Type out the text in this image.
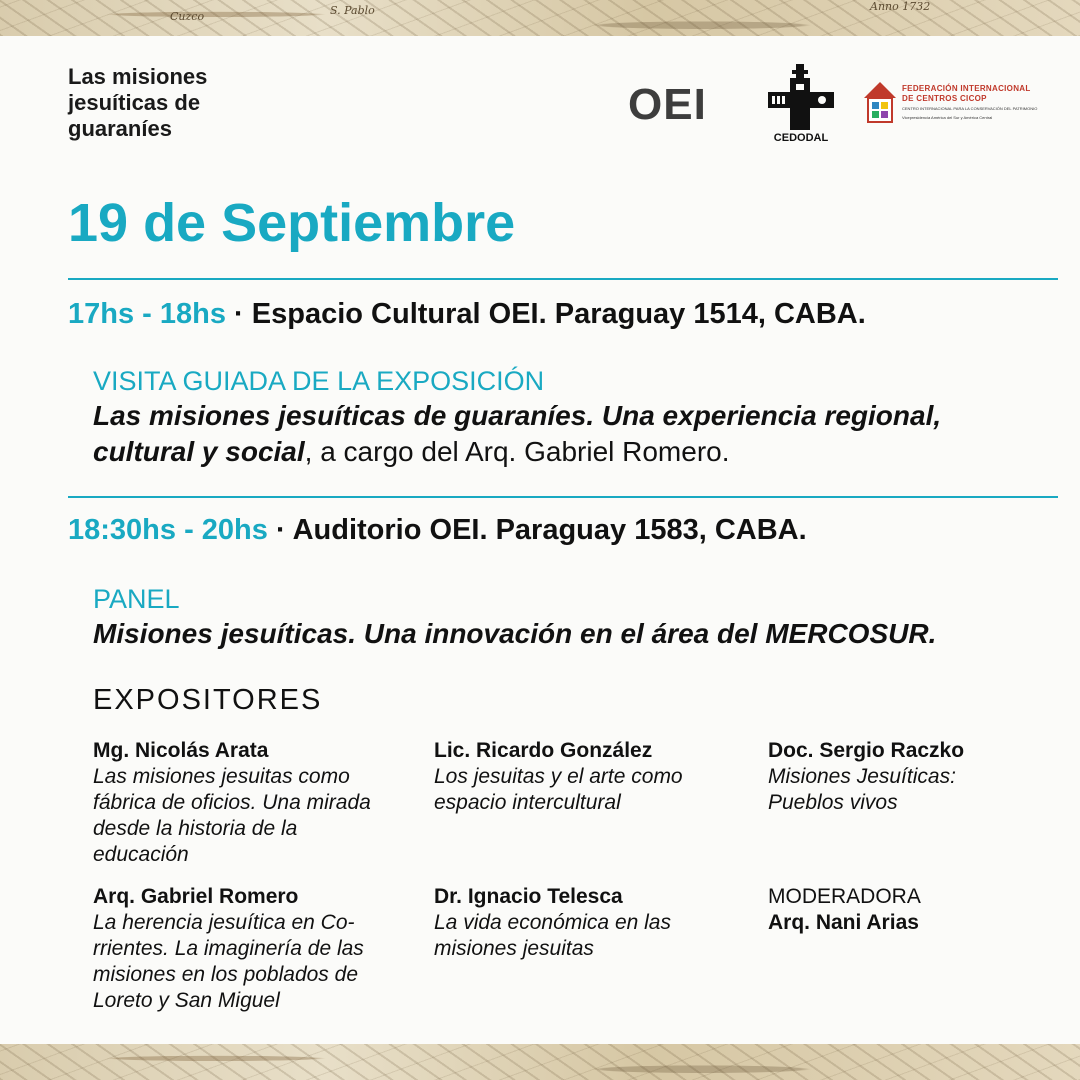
Cuzco	S. Pablo	Anno 1732
Las misiones jesuíticas de guaraníes	OEI
CEDODAL
FEDERACIÓN INTERNACIONAL
DE CENTROS CICOP
CENTRO INTERNACIONAL PARA LA CONSERVACIÓN DEL PATRIMONIO
Vicepresidencia América del Sur y América Central
19 de Septiembre
17hs - 18hs · Espacio Cultural OEI. Paraguay 1514, CABA.
VISITA GUIADA DE LA EXPOSICIÓN
Las misiones jesuíticas de guaraníes. Una experiencia regional, cultural y social, a cargo del Arq. Gabriel Romero.
18:30hs - 20hs · Auditorio OEI. Paraguay 1583, CABA.
PANEL
Misiones jesuíticas. Una innovación en el área del MERCOSUR.
EXPOSITORES
Mg. Nicolás Arata
Las misiones jesuitas como fábrica de oficios. Una mirada desde la historia de la educación
Lic. Ricardo González
Los jesuitas y el arte como espacio intercultural
Doc. Sergio Raczko
Misiones Jesuíticas: Pueblos vivos
Arq. Gabriel Romero
La herencia jesuítica en Co-rrientes. La imaginería de las misiones en los poblados de Loreto y San Miguel
Dr. Ignacio Telesca
La vida económica en las misiones jesuitas
MODERADORA
Arq. Nani Arias
